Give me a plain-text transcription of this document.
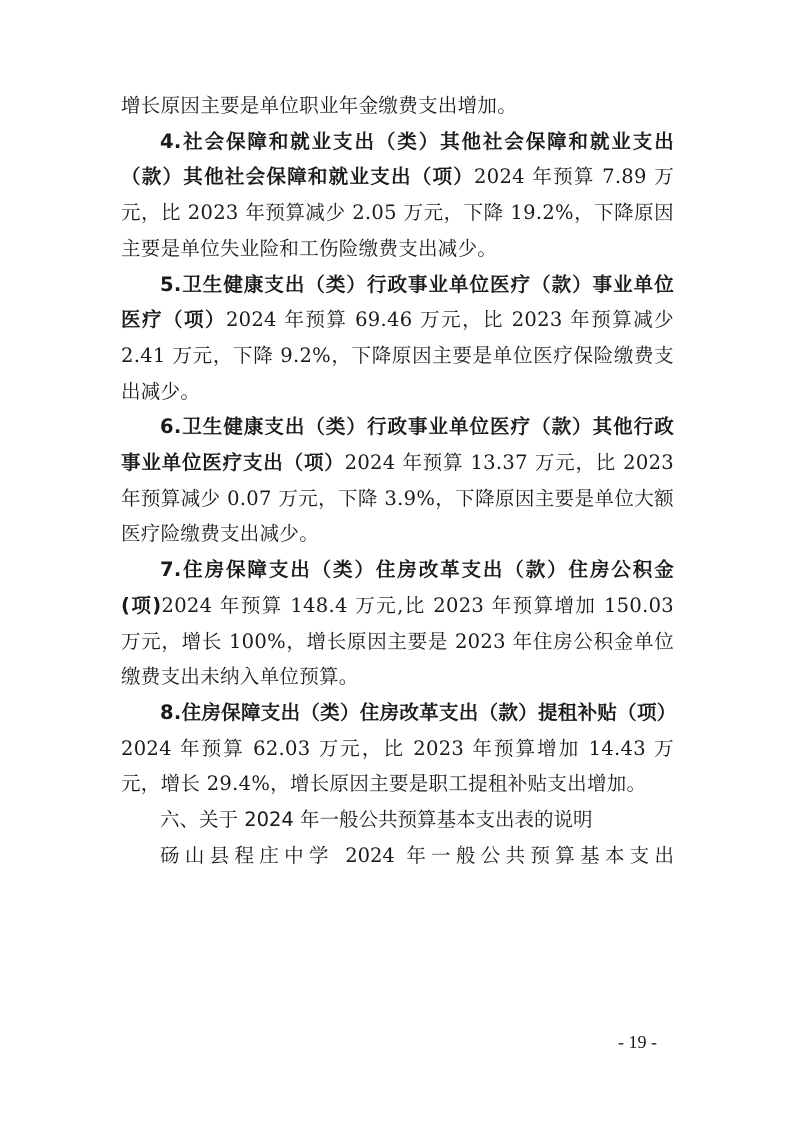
增长原因主要是单位职业年金缴费支出增加。

4.社会保障和就业支出（类）其他社会保障和就业支出（款）其他社会保障和就业支出（项）2024 年预算 7.89 万元，比 2023 年预算减少 2.05 万元，下降 19.2%，下降原因主要是单位失业险和工伤险缴费支出减少。

5.卫生健康支出（类）行政事业单位医疗（款）事业单位医疗（项）2024 年预算 69.46 万元，比 2023 年预算减少 2.41 万元，下降 9.2%，下降原因主要是单位医疗保险缴费支出减少。

6.卫生健康支出（类）行政事业单位医疗（款）其他行政事业单位医疗支出（项）2024 年预算 13.37 万元，比 2023 年预算减少 0.07 万元，下降 3.9%，下降原因主要是单位大额医疗险缴费支出减少。

7.住房保障支出（类）住房改革支出（款）住房公积金(项)2024 年预算 148.4 万元,比 2023 年预算增加 150.03 万元，增长 100%，增长原因主要是 2023 年住房公积金单位缴费支出未纳入单位预算。

8.住房保障支出（类）住房改革支出（款）提租补贴（项）2024 年预算 62.03 万元，比 2023 年预算增加 14.43 万元，增长 29.4%，增长原因主要是职工提租补贴支出增加。

六、关于 2024 年一般公共预算基本支出表的说明

砀山县程庄中学 2024 年一般公共预算基本支出

- 19 -
